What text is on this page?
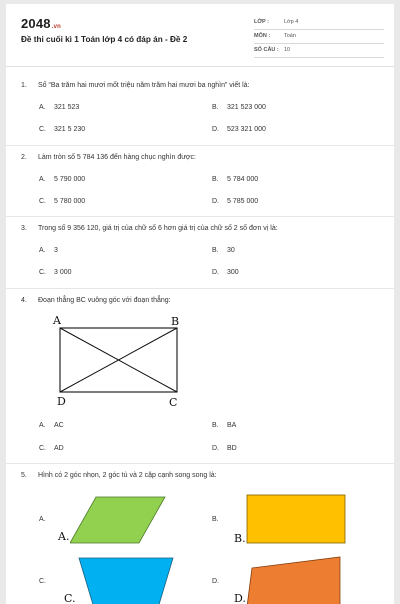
2048.vn
Đề thi cuối kì 1 Toán lớp 4 có đáp án - Đề 2
LỚP :	Lớp 4
MÔN :	Toán
SỐ CÂU : 10
1. Số “Ba trăm hai mươi mốt triệu năm trăm hai mươi ba nghìn” viết là:
A. 321 523	B. 321 523 000
C. 321 5 230	D. 523 321 000
2. Làm tròn số 5 784 136 đến hàng chục nghìn được:
A. 5 790 000	B. 5 784 000
C. 5 780 000	D. 5 785 000
3. Trong số 9 356 120, giá trị của chữ số 6 hơn giá trị của chữ số 2 số đơn vị là:
A. 3	B. 30
C. 3 000	D. 300
4. Đoạn thẳng BC vuông góc với đoạn thẳng:
A	B
C
D
A. AC	B. BA
C. AD	D. BD
5. Hình có 2 góc nhọn, 2 góc tù và 2 cặp cạnh song song là:
A.
A.
B.
B.
C.
C.
D.
D.
